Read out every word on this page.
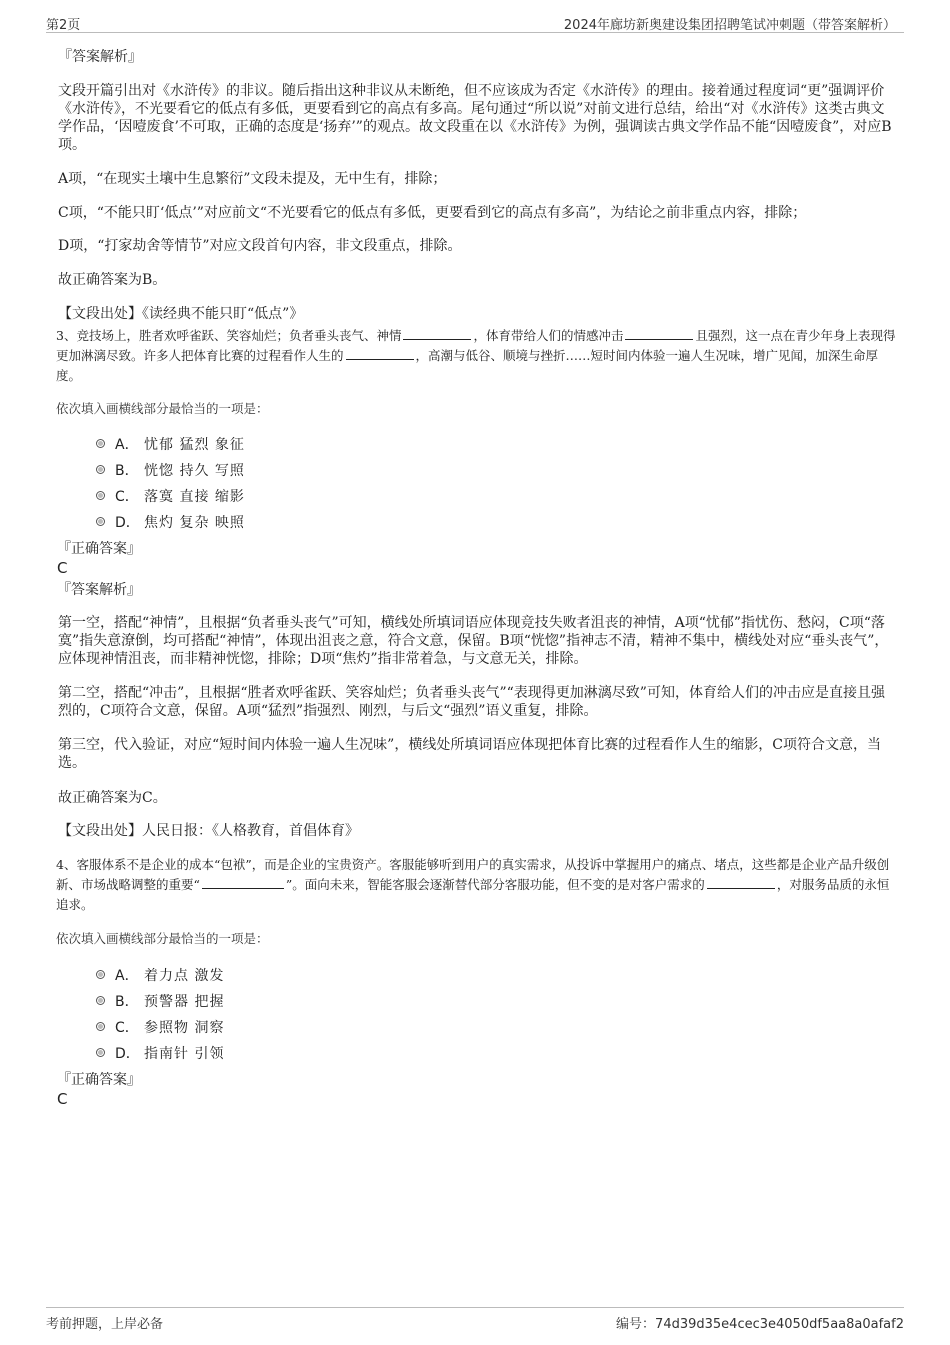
第2页	2024年廊坊新奥建设集团招聘笔试冲刺题（带答案解析）
『答案解析』
文段开篇引出对《水浒传》的非议。随后指出这种非议从未断绝，但不应该成为否定《水浒传》的理由。接着通过程度词“更”强调评价《水浒传》，不光要看它的低点有多低，更要看到它的高点有多高。尾句通过“所以说”对前文进行总结，给出“对《水浒传》这类古典文学作品，‘因噎废食’不可取，正确的态度是‘扬弃’”的观点。故文段重在以《水浒传》为例，强调读古典文学作品不能“因噎废食”，对应B项。
A项，“在现实土壤中生息繁衍”文段未提及，无中生有，排除；
C项，“不能只盯‘低点’”对应前文“不光要看它的低点有多低，更要看到它的高点有多高”，为结论之前非重点内容，排除；
D项，“打家劫舍等情节”对应文段首句内容，非文段重点，排除。
故正确答案为B。
【文段出处】《读经典不能只盯“低点”》
3、竞技场上，胜者欢呼雀跃、笑容灿烂；负者垂头丧气、神情	，体育带给人们的情感冲击	且强烈，这一点在青少年身上表现得更加淋漓尽致。许多人把体育比赛的过程看作人生的	，高潮与低谷、顺境与挫折……短时间内体验一遍人生况味，增广见闻，加深生命厚度。
依次填入画横线部分最恰当的一项是：
A． 忧郁 猛烈 象征
B． 恍惚 持久 写照
C． 落寞 直接 缩影
D． 焦灼 复杂 映照
『正确答案』
C
『答案解析』
第一空，搭配“神情”，且根据“负者垂头丧气”可知，横线处所填词语应体现竞技失败者沮丧的神情，A项“忧郁”指忧伤、愁闷，C项“落寞”指失意潦倒，均可搭配“神情”，体现出沮丧之意，符合文意，保留。B项“恍惚”指神志不清，精神不集中，横线处对应“垂头丧气”，应体现神情沮丧，而非精神恍惚，排除；D项“焦灼”指非常着急，与文意无关，排除。
第二空，搭配“冲击”，且根据“胜者欢呼雀跃、笑容灿烂；负者垂头丧气”“表现得更加淋漓尽致”可知，体育给人们的冲击应是直接且强烈的，C项符合文意，保留。A项“猛烈”指强烈、刚烈，与后文“强烈”语义重复，排除。
第三空，代入验证，对应“短时间内体验一遍人生况味”，横线处所填词语应体现把体育比赛的过程看作人生的缩影，C项符合文意，当选。
故正确答案为C。
【文段出处】人民日报：《人格教育，首倡体育》
4、客服体系不是企业的成本“包袱”，而是企业的宝贵资产。客服能够听到用户的真实需求，从投诉中掌握用户的痛点、堵点，这些都是企业产品升级创新、市场战略调整的重要“	”。面向未来，智能客服会逐渐替代部分客服功能，但不变的是对客户需求的	，对服务品质的永恒追求。
依次填入画横线部分最恰当的一项是：
A． 着力点 激发
B． 预警器 把握
C． 参照物 洞察
D． 指南针 引领
『正确答案』
C
考前押题，上岸必备	编号：74d39d35e4cec3e4050df5aa8a0afaf2
